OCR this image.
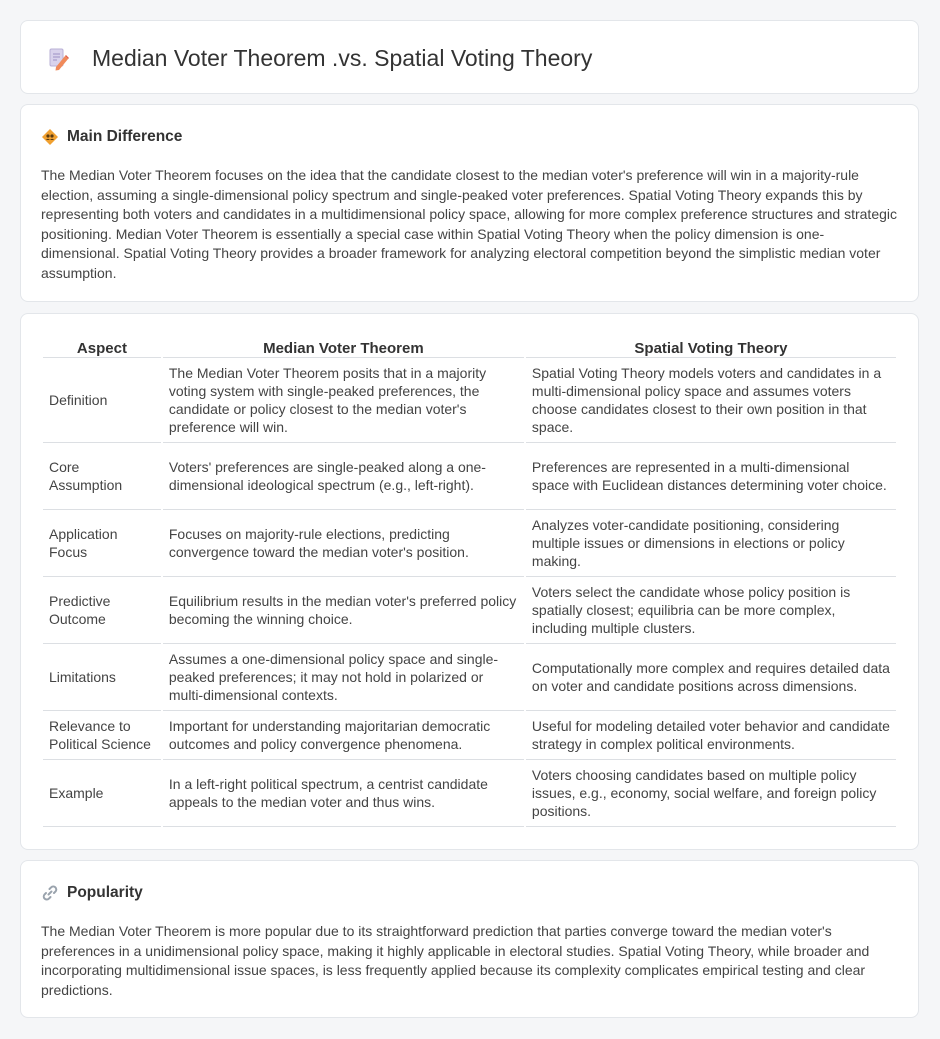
Median Voter Theorem .vs. Spatial Voting Theory
Main Difference

The Median Voter Theorem focuses on the idea that the candidate closest to the median voter's preference will win in a majority-rule election, assuming a single-dimensional policy spectrum and single-peaked voter preferences. Spatial Voting Theory expands this by representing both voters and candidates in a multidimensional policy space, allowing for more complex preference structures and strategic positioning. Median Voter Theorem is essentially a special case within Spatial Voting Theory when the policy dimension is one-dimensional. Spatial Voting Theory provides a broader framework for analyzing electoral competition beyond the simplistic median voter assumption.

Aspect	Median Voter Theorem	Spatial Voting Theory
Definition	The Median Voter Theorem posits that in a majority voting system with single-peaked preferences, the candidate or policy closest to the median voter's preference will win.	Spatial Voting Theory models voters and candidates in a multi-dimensional policy space and assumes voters choose candidates closest to their own position in that space.
Core Assumption	Voters' preferences are single-peaked along a one-dimensional ideological spectrum (e.g., left-right).	Preferences are represented in a multi-dimensional space with Euclidean distances determining voter choice.
Application Focus	Focuses on majority-rule elections, predicting convergence toward the median voter's position.	Analyzes voter-candidate positioning, considering multiple issues or dimensions in elections or policy making.
Predictive Outcome	Equilibrium results in the median voter's preferred policy becoming the winning choice.	Voters select the candidate whose policy position is spatially closest; equilibria can be more complex, including multiple clusters.
Limitations	Assumes a one-dimensional policy space and single-peaked preferences; it may not hold in polarized or multi-dimensional contexts.	Computationally more complex and requires detailed data on voter and candidate positions across dimensions.
Relevance to Political Science	Important for understanding majoritarian democratic outcomes and policy convergence phenomena.	Useful for modeling detailed voter behavior and candidate strategy in complex political environments.
Example	In a left-right political spectrum, a centrist candidate appeals to the median voter and thus wins.	Voters choosing candidates based on multiple policy issues, e.g., economy, social welfare, and foreign policy positions.
Popularity

The Median Voter Theorem is more popular due to its straightforward prediction that parties converge toward the median voter's preferences in a unidimensional policy space, making it highly applicable in electoral studies. Spatial Voting Theory, while broader and incorporating multidimensional issue spaces, is less frequently applied because its complexity complicates empirical testing and clear predictions.
